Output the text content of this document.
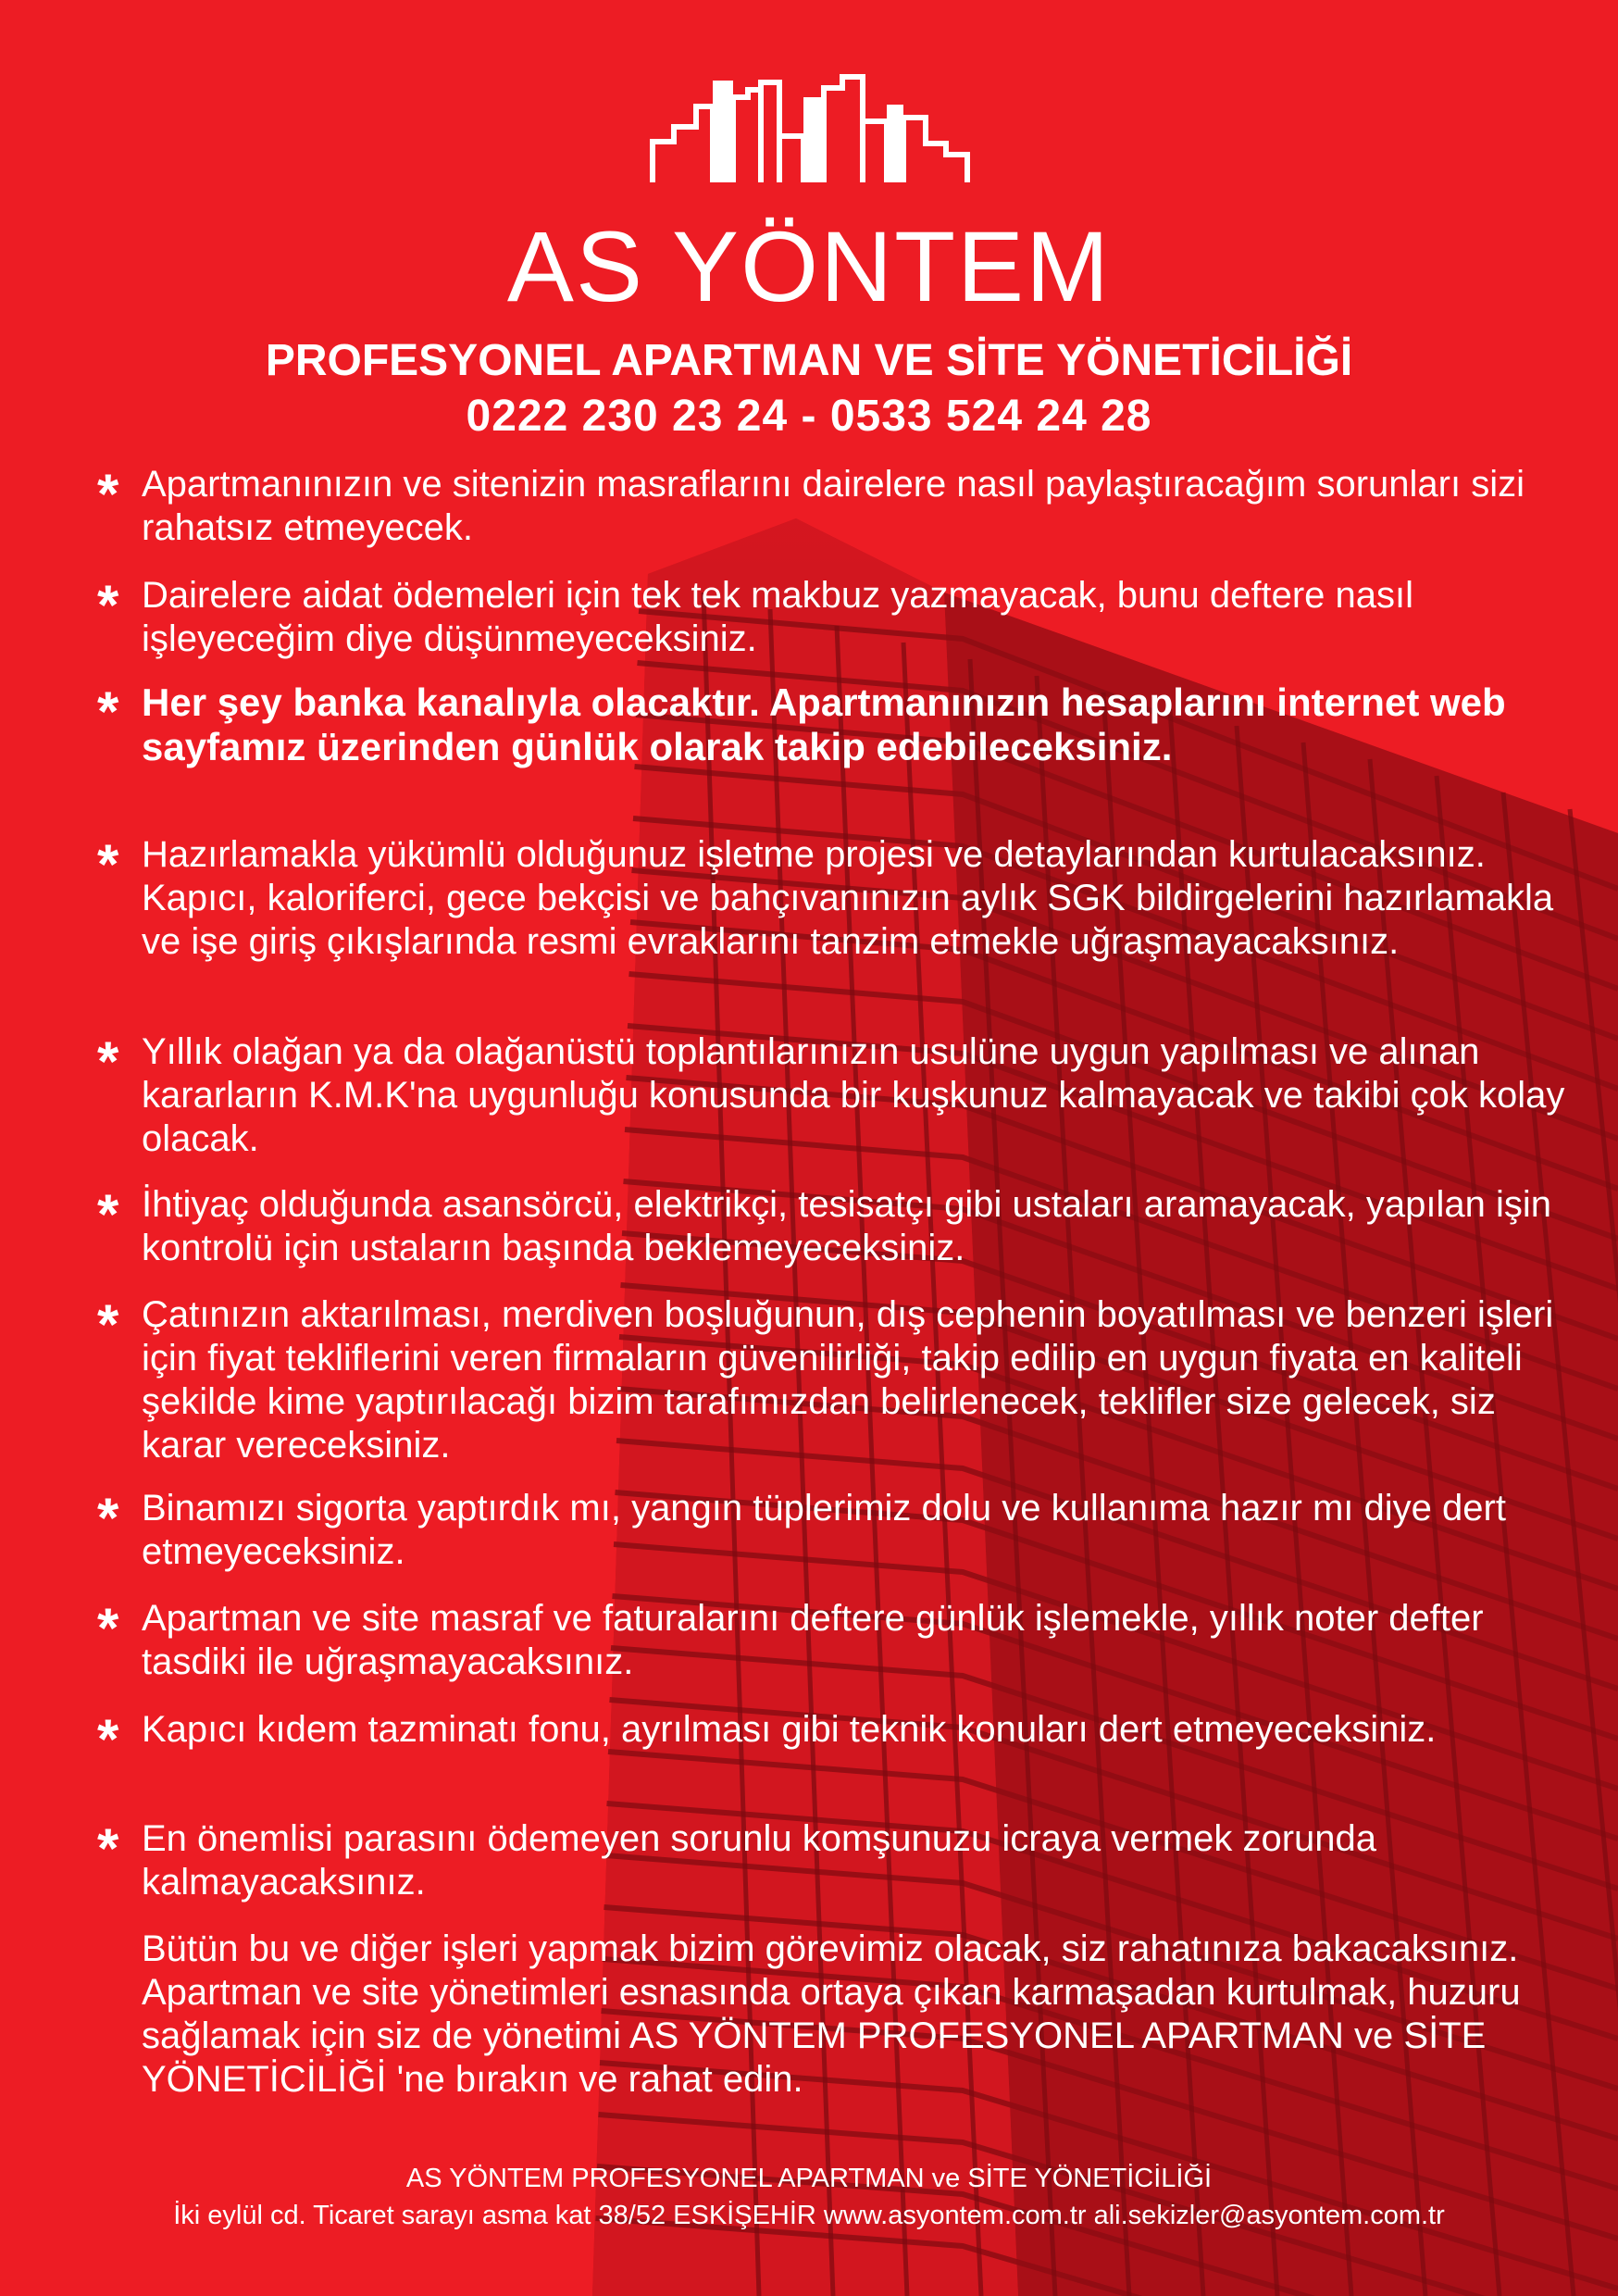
AS YÖNTEM
PROFESYONEL APARTMAN VE SİTE YÖNETİCİLİĞİ
0222 230 23 24 - 0533 524 24 28
* Apartmanınızın ve sitenizin masraflarını dairelere nasıl paylaştıracağım sorunları sizi rahatsız etmeyecek.
* Dairelere aidat ödemeleri için tek tek makbuz yazmayacak, bunu deftere nasıl işleyeceğim diye düşünmeyeceksiniz.
* Her şey banka kanalıyla olacaktır. Apartmanınızın hesaplarını internet web sayfamız üzerinden günlük olarak takip edebileceksiniz.
* Hazırlamakla yükümlü olduğunuz işletme projesi ve detaylarından kurtulacaksınız. Kapıcı, kaloriferci, gece bekçisi ve bahçıvanınızın aylık SGK bildirgelerini hazırlamakla ve işe giriş çıkışlarında resmi evraklarını tanzim etmekle uğraşmayacaksınız.
* Yıllık olağan ya da olağanüstü toplantılarınızın usulüne uygun yapılması ve alınan kararların K.M.K'na uygunluğu konusunda bir kuşkunuz kalmayacak ve takibi çok kolay olacak.
* İhtiyaç olduğunda asansörcü, elektrikçi, tesisatçı gibi ustaları aramayacak, yapılan işin kontrolü için ustaların başında beklemeyeceksiniz.
* Çatınızın aktarılması, merdiven boşluğunun, dış cephenin boyatılması ve benzeri işleri için fiyat tekliflerini veren firmaların güvenilirliği, takip edilip en uygun fiyata en kaliteli şekilde kime yaptırılacağı bizim tarafımızdan belirlenecek, teklifler size gelecek, siz karar vereceksiniz.
* Binamızı sigorta yaptırdık mı, yangın tüplerimiz dolu ve kullanıma hazır mı diye dert etmeyeceksiniz.
* Apartman ve site masraf ve faturalarını deftere günlük işlemekle, yıllık noter defter tasdiki ile uğraşmayacaksınız.
* Kapıcı kıdem tazminatı fonu, ayrılması gibi teknik konuları dert etmeyeceksiniz.
* En önemlisi parasını ödemeyen sorunlu komşunuzu icraya vermek zorunda kalmayacaksınız.
Bütün bu ve diğer işleri yapmak bizim görevimiz olacak, siz rahatınıza bakacaksınız. Apartman ve site yönetimleri esnasında ortaya çıkan karmaşadan kurtulmak, huzuru sağlamak için siz de yönetimi AS YÖNTEM PROFESYONEL APARTMAN ve SİTE YÖNETİCİLİĞİ 'ne bırakın ve rahat edin.
AS YÖNTEM PROFESYONEL APARTMAN ve SİTE YÖNETİCİLİĞİ
İki eylül cd. Ticaret sarayı asma kat 38/52 ESKİŞEHİR www.asyontem.com.tr ali.sekizler@asyontem.com.tr
